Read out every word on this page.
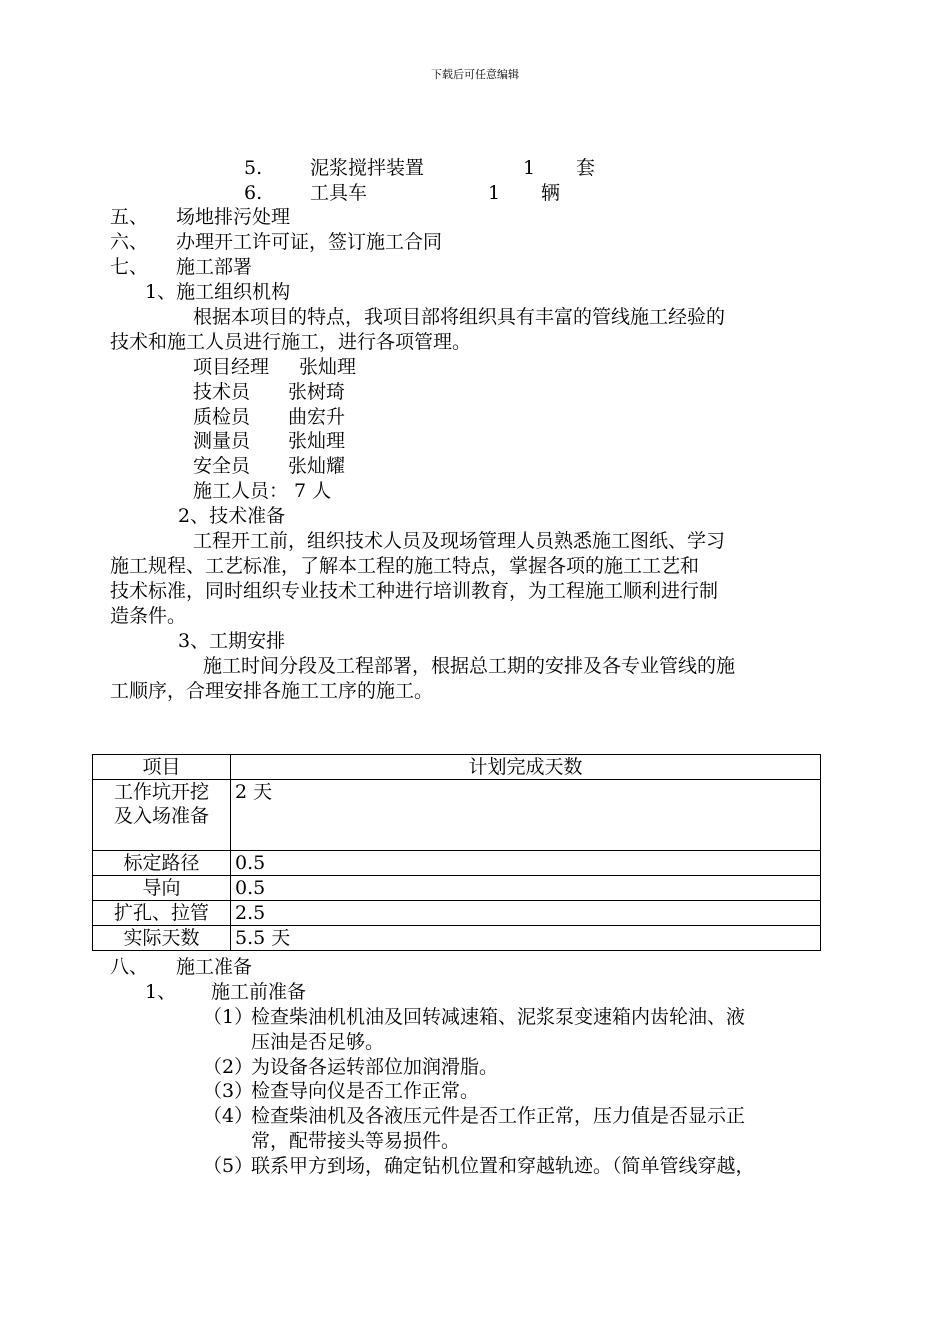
下载后可任意编辑
5.	泥浆搅拌装置	1 套
6.	工具车	1 辆
五、 场地排污处理
六、 办理开工许可证，签订施工合同
七、 施工部署
1、施工组织机构
根据本项目的特点，我项目部将组织具有丰富的管线施工经验的
技术和施工人员进行施工，进行各项管理。
项目经理 张灿理
技术员 张树琦
质检员 曲宏升
测量员 张灿理
安全员 张灿耀
施工人员： 7 人
2、技术准备
工程开工前，组织技术人员及现场管理人员熟悉施工图纸、学习
施工规程、工艺标准，了解本工程的施工特点，掌握各项的施工工艺和
技术标准，同时组织专业技术工种进行培训教育，为工程施工顺利进行制
造条件。
3、工期安排
施工时间分段及工程部署，根据总工期的安排及各专业管线的施
工顺序，合理安排各施工工序的施工。
项目	计划完成天数

工作坑开挖
及入场准备	2 天
标定路径	0.5
导向	0.5
扩孔、拉管	2.5
实际天数	5.5 天
八、 施工准备
1、 施工前准备
（1）
检查柴油机机油及回转减速箱、泥浆泵变速箱内齿轮油、液
压油是否足够。
（2）
为设备各运转部位加润滑脂。
（3）
检查导向仪是否工作正常。
（4）
检查柴油机及各液压元件是否工作正常，压力值是否显示正
常，配带接头等易损件。
（5）
联系甲方到场，确定钻机位置和穿越轨迹。（简单管线穿越，
